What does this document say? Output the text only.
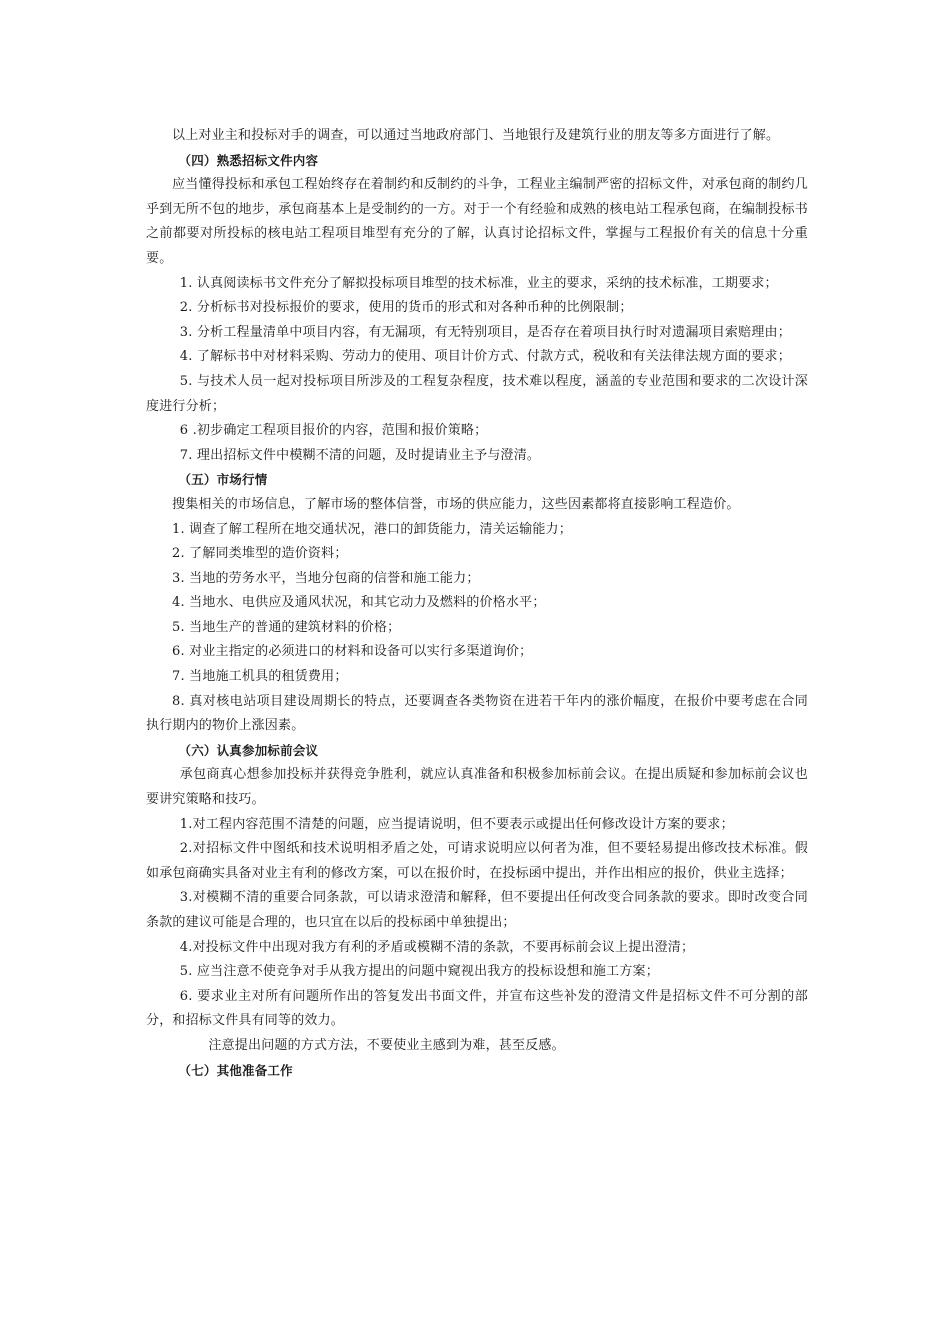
以上对业主和投标对手的调查，可以通过当地政府部门、当地银行及建筑行业的朋友等多方面进行了解。

（四）熟悉招标文件内容

应当懂得投标和承包工程始终存在着制约和反制约的斗争，工程业主编制严密的招标文件，对承包商的制约几乎到无所不包的地步，承包商基本上是受制约的一方。对于一个有经验和成熟的核电站工程承包商，在编制投标书之前都要对所投标的核电站工程项目堆型有充分的了解，认真讨论招标文件，掌握与工程报价有关的信息十分重要。

1. 认真阅读标书文件充分了解拟投标项目堆型的技术标准，业主的要求，采纳的技术标准，工期要求；

2. 分析标书对投标报价的要求，使用的货币的形式和对各种币种的比例限制；

3. 分析工程量清单中项目内容，有无漏项，有无特别项目，是否存在着项目执行时对遗漏项目索赔理由；

4. 了解标书中对材料采购、劳动力的使用、项目计价方式、付款方式，税收和有关法律法规方面的要求；

5. 与技术人员一起对投标项目所涉及的工程复杂程度，技术难以程度，涵盖的专业范围和要求的二次设计深度进行分析；

6 .初步确定工程项目报价的内容，范围和报价策略；

7. 理出招标文件中模糊不清的问题，及时提请业主予与澄清。

（五）市场行情

搜集相关的市场信息，了解市场的整体信誉，市场的供应能力，这些因素都将直接影响工程造价。

1. 调查了解工程所在地交通状况，港口的卸货能力，清关运输能力；

2. 了解同类堆型的造价资料；

3. 当地的劳务水平，当地分包商的信誉和施工能力；

4. 当地水、电供应及通风状况，和其它动力及燃料的价格水平；

5. 当地生产的普通的建筑材料的价格；

6. 对业主指定的必须进口的材料和设备可以实行多渠道询价；

7. 当地施工机具的租赁费用；

8. 真对核电站项目建设周期长的特点，还要调查各类物资在进若干年内的涨价幅度，在报价中要考虑在合同执行期内的物价上涨因素。

（六）认真参加标前会议

承包商真心想参加投标并获得竞争胜利，就应认真准备和积极参加标前会议。在提出质疑和参加标前会议也要讲究策略和技巧。

1.对工程内容范围不清楚的问题，应当提请说明，但不要表示或提出任何修改设计方案的要求；

2.对招标文件中图纸和技术说明相矛盾之处，可请求说明应以何者为准，但不要轻易提出修改技术标准。假如承包商确实具备对业主有利的修改方案，可以在报价时，在投标函中提出，并作出相应的报价，供业主选择；

3.对模糊不清的重要合同条款，可以请求澄清和解释，但不要提出任何改变合同条款的要求。即时改变合同条款的建议可能是合理的，也只宜在以后的投标函中单独提出；

4.对投标文件中出现对我方有利的矛盾或模糊不清的条款，不要再标前会议上提出澄清；

5. 应当注意不使竞争对手从我方提出的问题中窥视出我方的投标设想和施工方案；

6. 要求业主对所有问题所作出的答复发出书面文件，并宣布这些补发的澄清文件是招标文件不可分割的部分，和招标文件具有同等的效力。

注意提出问题的方式方法，不要使业主感到为难，甚至反感。

（七）其他准备工作
